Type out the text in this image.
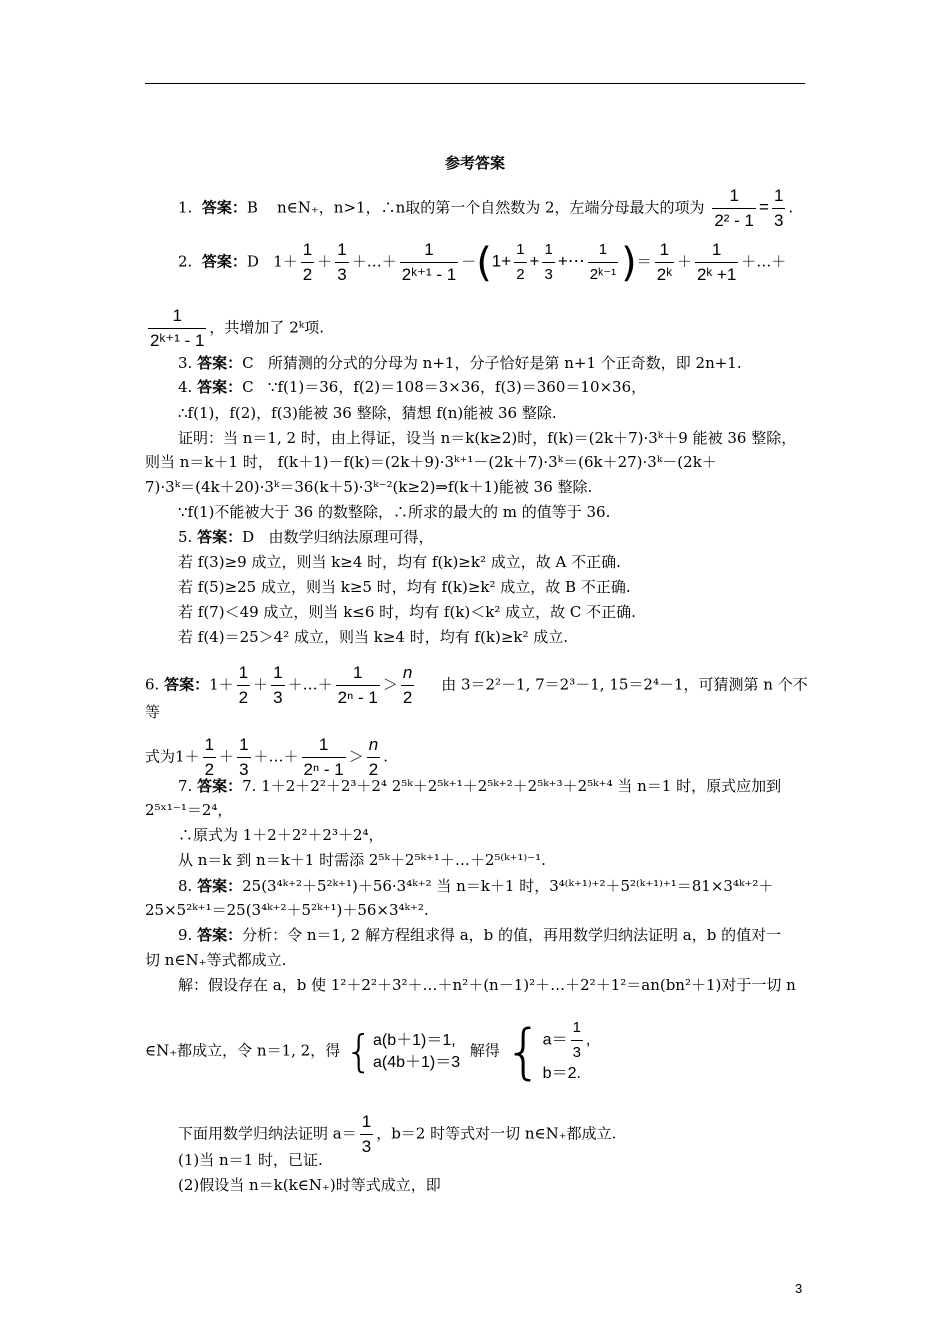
参考答案
1. 答案：B n∈N₊，n>1，∴n取的第一个自然数为 2，左端分母最大的项为 $\frac{1}{\text{2² - 1}} = \frac{1}{3}$ .
2. 答案：D $1+ \frac{1}{2} + \frac{1}{3}$ ＋…＋ $\frac{1}{\text{2ᵏ⁺¹ - 1}} -(1+ \frac{1}{2} + \frac{1}{3}$ +⋯ $\frac{1}{\text{2ᵏ⁻¹}}$ )＝ $\frac{1}{\text{2ᵏ}} + \frac{1}{\text{2ᵏ +1}}$ ＋…＋
$\frac{1}{\text{2ᵏ⁺¹ - 1}}$ ，共增加了 2ᵏ项.
3. 答案：C 所猜测的分式的分母为 n+1，分子恰好是第 n+1 个正奇数，即 2n+1.
4. 答案：C ∵f(1)＝36，f(2)＝108＝3×36，f(3)＝360＝10×36，
∴f(1)，f(2)，f(3)能被 36 整除，猜想 f(n)能被 36 整除.
证明：当 n＝1, 2 时，由上得证，设当 n＝k(k≥2)时，f(k)＝(2k＋7)·3ᵏ＋9 能被 36 整除，
则当 n＝k＋1 时， f(k＋1)－f(k)＝(2k＋9)·3ᵏ⁺¹－(2k＋7)·3ᵏ＝(6k＋27)·3ᵏ－(2k＋
7)·3ᵏ＝(4k＋20)·3ᵏ＝36(k＋5)·3ᵏ⁻²(k≥2)⇒f(k＋1)能被 36 整除.
∵f(1)不能被大于 36 的数整除，∴所求的最大的 m 的值等于 36.
5. 答案：D 由数学归纳法原理可得，
若 f(3)≥9 成立，则当 k≥4 时，均有 f(k)≥k² 成立，故 A 不正确.
若 f(5)≥25 成立，则当 k≥5 时，均有 f(k)≥k² 成立，故 B 不正确.
若 f(7)＜49 成立，则当 k≤6 时，均有 f(k)＜k² 成立，故 C 不正确.
若 f(4)＝25＞4² 成立，则当 k≥4 时，均有 f(k)≥k² 成立.
6. 答案：$1+ \frac{1}{2} + \frac{1}{3}$ ＋…＋ $\frac{1}{\text{2ⁿ - 1}} > \frac{n}{2}$ 由 3＝2²－1, 7＝2³－1, 15＝2⁴－1，可猜测第 n 个不
等
式为$1+ \frac{1}{2} + \frac{1}{3}$ ＋…＋ $\frac{1}{\text{2ⁿ - 1}} > \frac{n}{2}$ .
7. 答案：7. 1＋2＋2²＋2³＋2⁴ 2⁵ᵏ＋2⁵ᵏ⁺¹＋2⁵ᵏ⁺²＋2⁵ᵏ⁺³＋2⁵ᵏ⁺⁴ 当 n＝1 时，原式应加到
2⁵ˣ¹⁻¹＝2⁴，
∴原式为 1＋2＋2²＋2³＋2⁴，
从 n＝k 到 n＝k＋1 时需添 2⁵ᵏ＋2⁵ᵏ⁺¹＋…＋2⁵⁽ᵏ⁺¹⁾⁻¹.
8. 答案：25(3⁴ᵏ⁺²＋5²ᵏ⁺¹)＋56·3⁴ᵏ⁺² 当 n＝k＋1 时，3⁴⁽ᵏ⁺¹⁾⁺²＋5²⁽ᵏ⁺¹⁾⁺¹＝81×3⁴ᵏ⁺²＋
25×5²ᵏ⁺¹＝25(3⁴ᵏ⁺²＋5²ᵏ⁺¹)＋56×3⁴ᵏ⁺².
9. 答案：分析：令 n＝1, 2 解方程组求得 a，b 的值，再用数学归纳法证明 a，b 的值对一
切 n∈N₊等式都成立.
解：假设存在 a，b 使 1²＋2²＋3²＋…＋n²＋(n－1)²＋…＋2²＋1²＝an(bn²＋1)对于一切 n
∈N₊都成立，令 n＝1, 2，得 { a(b＋1)＝1,
a(4b＋1)＝3
解得 { $a= \frac{1}{3}$ ,
b＝2.
下面用数学归纳法证明 $a= \frac{1}{3}$ ，b＝2 时等式对一切 n∈N₊都成立.
(1)当 n＝1 时，已证.
(2)假设当 n＝k(k∈N₊)时等式成立，即
3
